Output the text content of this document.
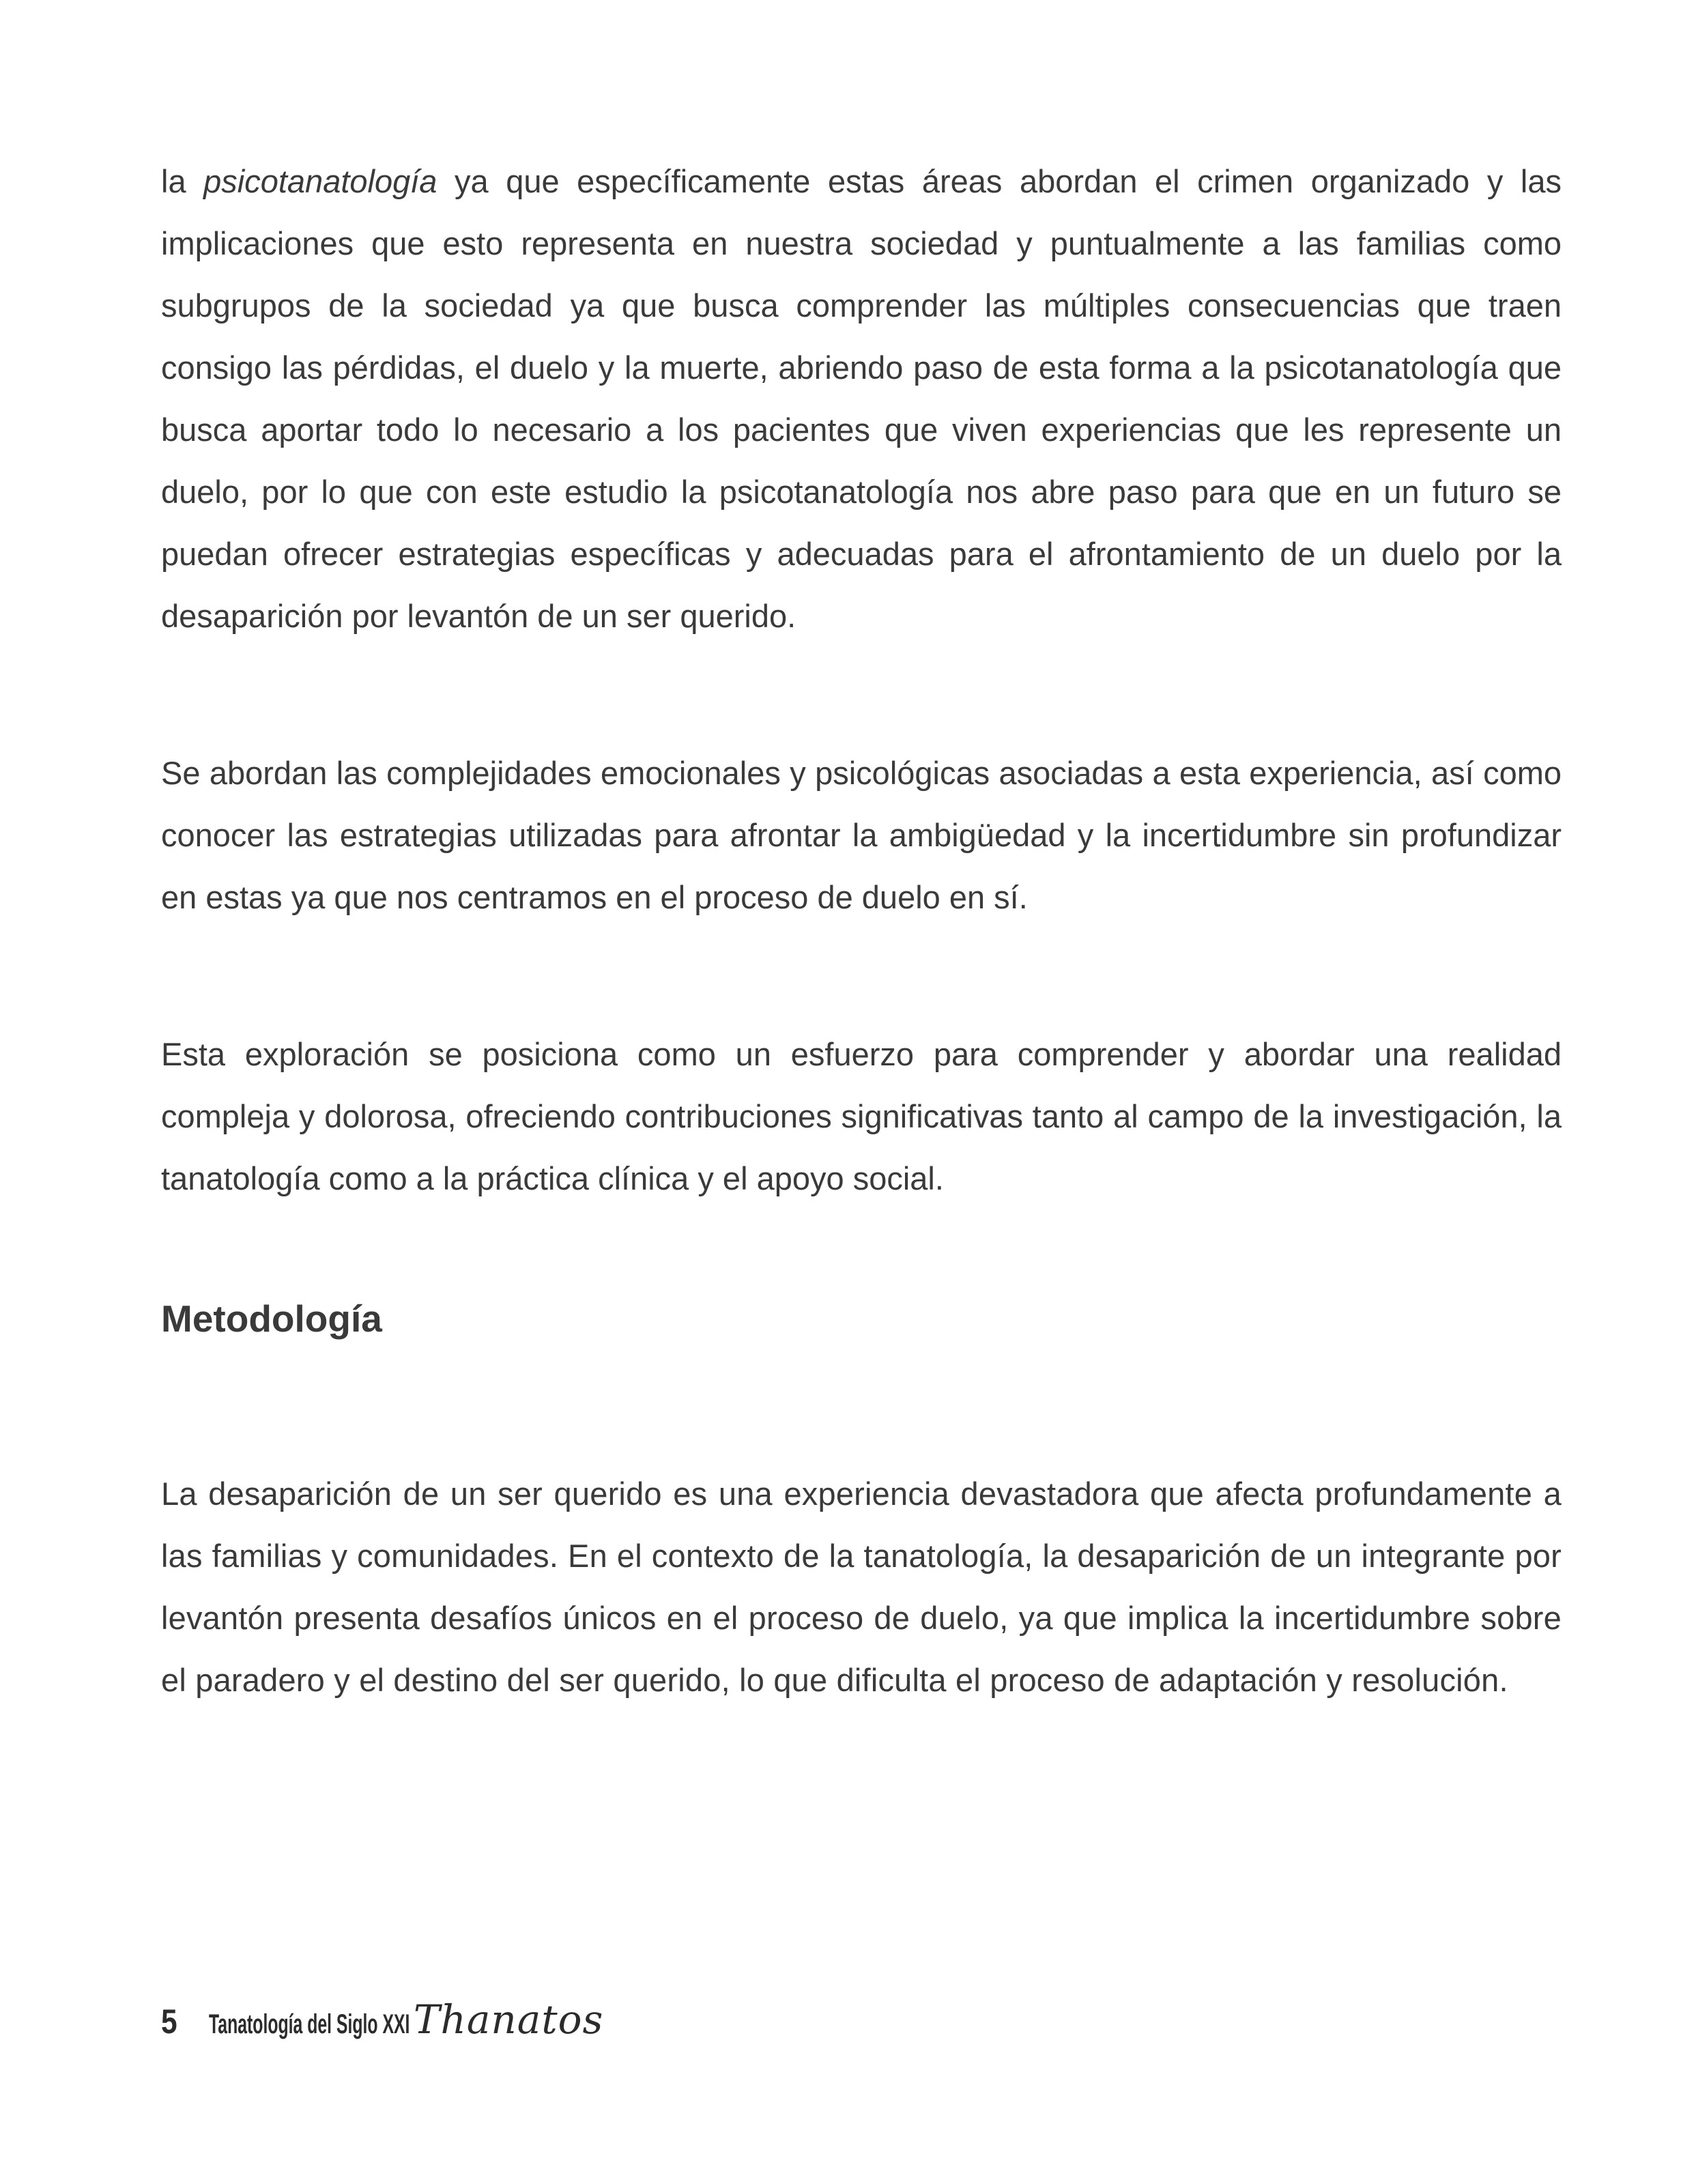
la psicotanatología ya que específicamente estas áreas abordan el crimen organizado y las implicaciones que esto representa en nuestra sociedad y puntualmente a las familias como subgrupos de la sociedad ya que busca comprender las múltiples consecuencias que traen consigo las pérdidas, el duelo y la muerte, abriendo paso de esta forma a la psicotanatología que busca aportar todo lo necesario a los pacientes que viven experiencias que les represente un duelo, por lo que con este estudio la psicotanatología nos abre paso para que en un futuro se puedan ofrecer estrategias específicas y adecuadas para el afrontamiento de un duelo por la desaparición por levantón de un ser querido.

Se abordan las complejidades emocionales y psicológicas asociadas a esta experiencia, así como conocer las estrategias utilizadas para afrontar la ambigüedad y la incertidumbre sin profundizar en estas ya que nos centramos en el proceso de duelo en sí.

Esta exploración se posiciona como un esfuerzo para comprender y abordar una realidad compleja y dolorosa, ofreciendo contribuciones significativas tanto al campo de la investigación, la tanatología como a la práctica clínica y el apoyo social.

Metodología

La desaparición de un ser querido es una experiencia devastadora que afecta profundamente a las familias y comunidades. En el contexto de la tanatología, la desaparición de un integrante por levantón presenta desafíos únicos en el proceso de duelo, ya que implica la incertidumbre sobre el paradero y el destino del ser querido, lo que dificulta el proceso de adaptación y resolución.

5 Tanatología del Siglo XXI Thanatos
